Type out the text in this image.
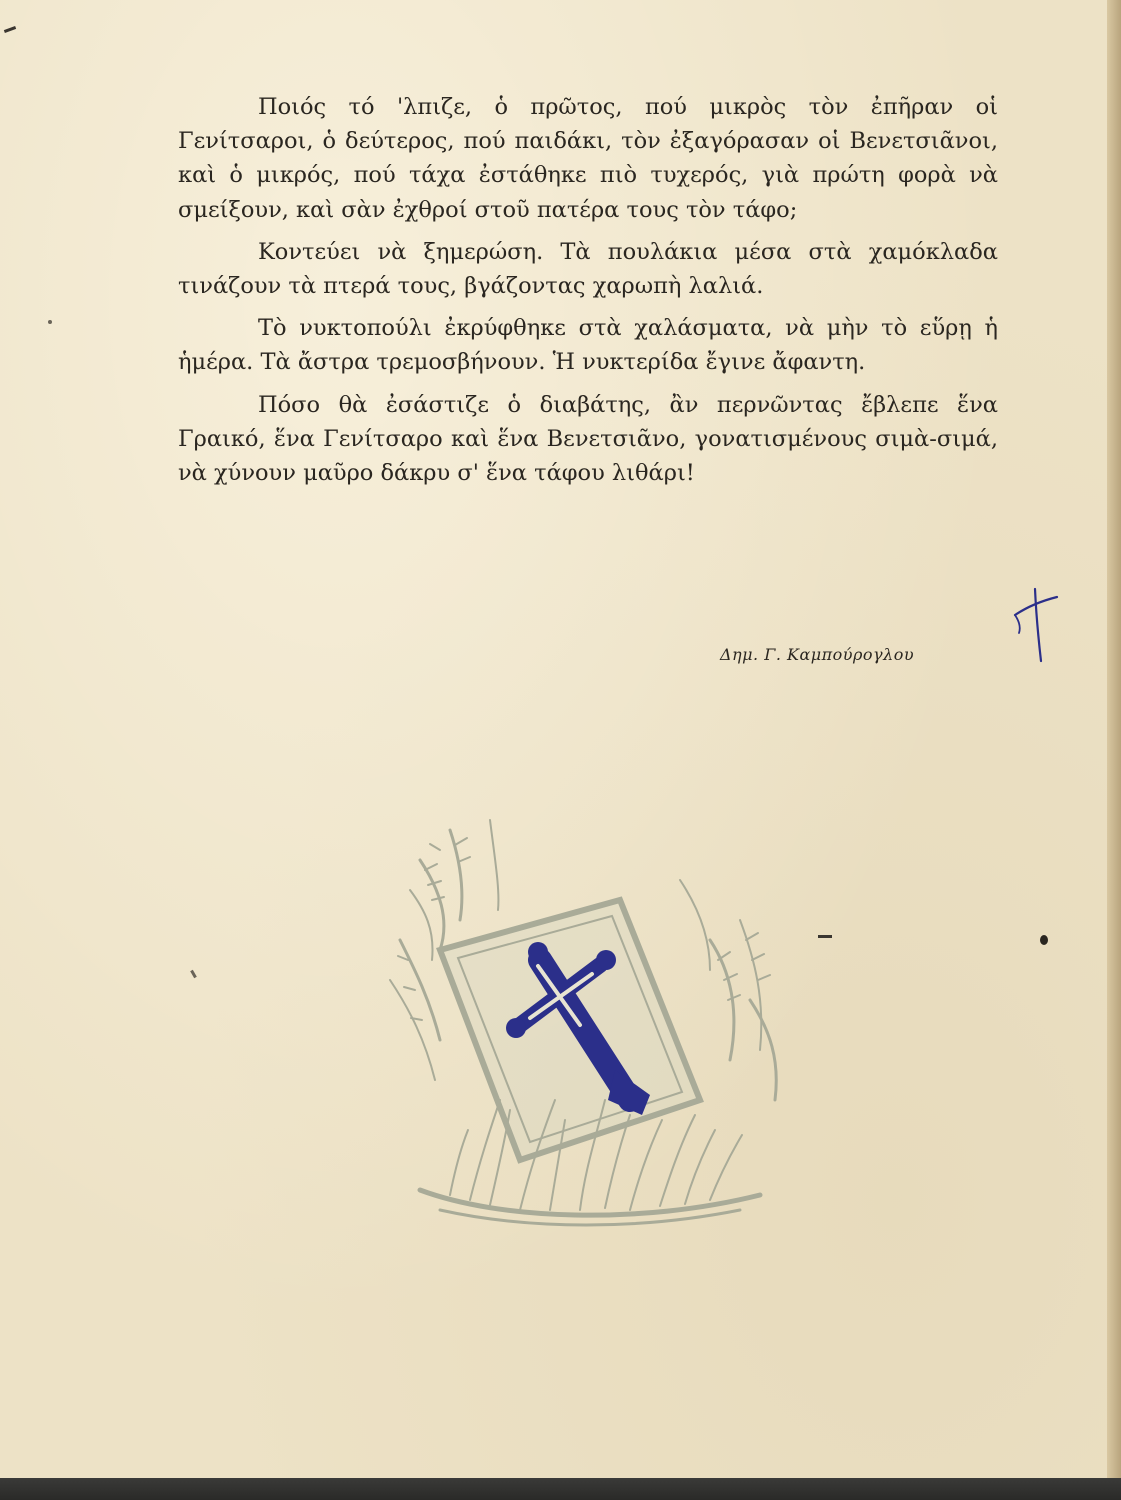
Ποιός τό 'λπιζε, ὁ πρῶτος, πού μικρὸς τὸν ἐπῆραν οἱ Γενίτσαροι, ὁ δεύτερος, πού παιδάκι, τὸν ἐξαγόρασαν οἱ Βενετσιᾶνοι, καὶ ὁ μικρός, πού τάχα ἐστάθηκε πιὸ τυχερός, γιὰ πρώτη φορὰ νὰ σμείξουν, καὶ σὰν ἐχθροί στοῦ πατέρα τους τὸν τάφο;

Κοντεύει νὰ ξημερώση. Τὰ πουλάκια μέσα στὰ χαμόκλαδα τινάζουν τὰ πτερά τους, βγάζοντας χαρωπὴ λαλιά.

Τὸ νυκτοπούλι ἐκρύφθηκε στὰ χαλάσματα, νὰ μὴν τὸ εὕρῃ ἡ ἡμέρα. Τὰ ἄστρα τρεμοσβήνουν. Ἡ νυκτερίδα ἔγινε ἄφαντη.

Πόσο θὰ ἐσάστιζε ὁ διαβάτης, ἂν περνῶντας ἔβλεπε ἕνα Γραικό, ἕνα Γενίτσαρο καὶ ἕνα Βενετσιᾶνο, γονατισμένους σιμὰ-σιμά, νὰ χύνουν μαῦρο δάκρυ σ' ἕνα τάφου λιθάρι!

Δημ. Γ. Καμπούρογλου
